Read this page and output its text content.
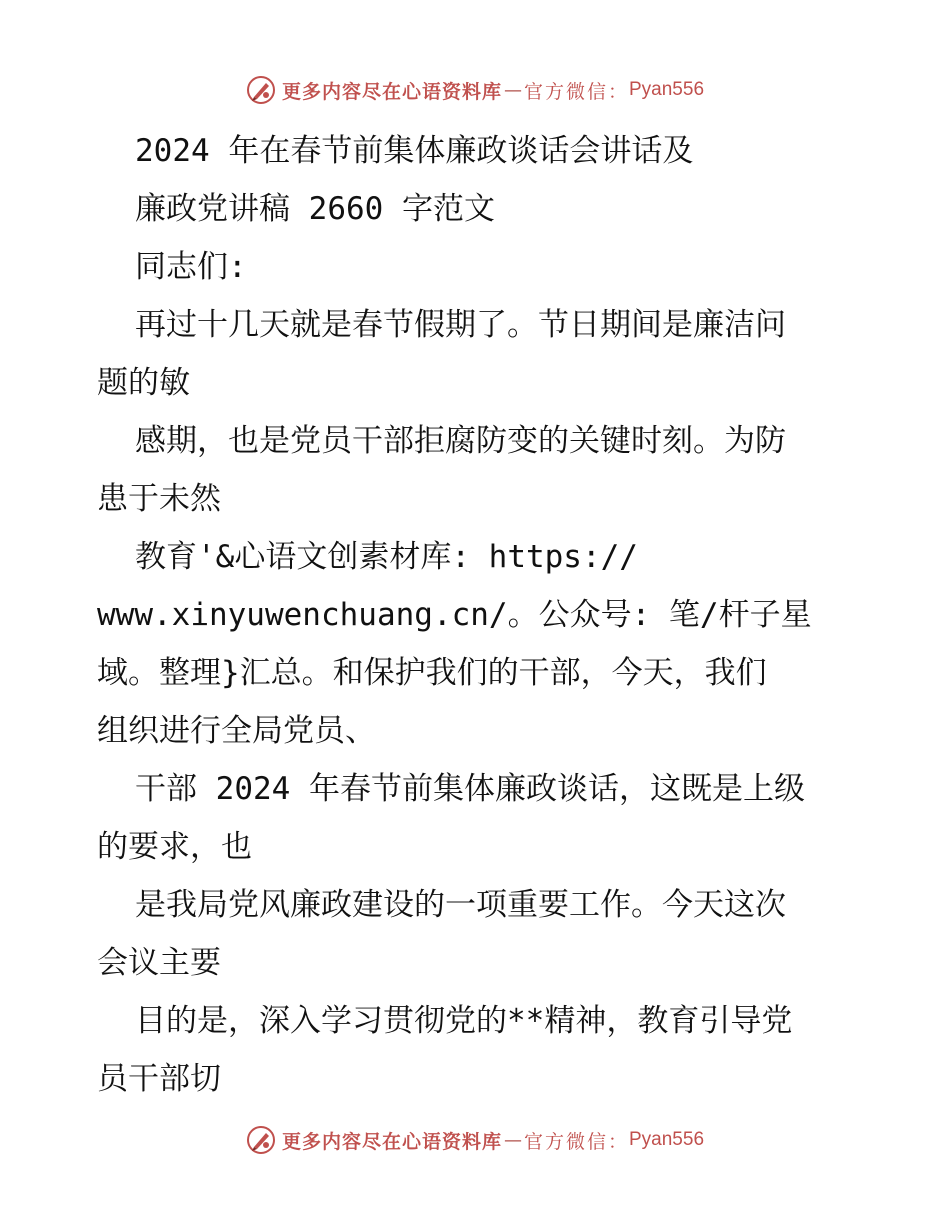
更多内容尽在心语资料库 — 官方微信： Pyan556
2024 年在春节前集体廉政谈话会讲话及
廉政党讲稿 2660 字范文
同志们:
再过十几天就是春节假期了。节日期间是廉洁问
题的敏
感期，也是党员干部拒腐防变的关键时刻。为防
患于未然
教育'&心语文创素材库: https://
www.xinyuwenchuang.cn/。公众号: 笔/杆子星
域。整理}汇总。和保护我们的干部，今天，我们
组织进行全局党员、
干部 2024 年春节前集体廉政谈话，这既是上级
的要求，也
是我局党风廉政建设的一项重要工作。今天这次
会议主要
目的是，深入学习贯彻党的**精神，教育引导党
员干部切
更多内容尽在心语资料库 — 官方微信： Pyan556
